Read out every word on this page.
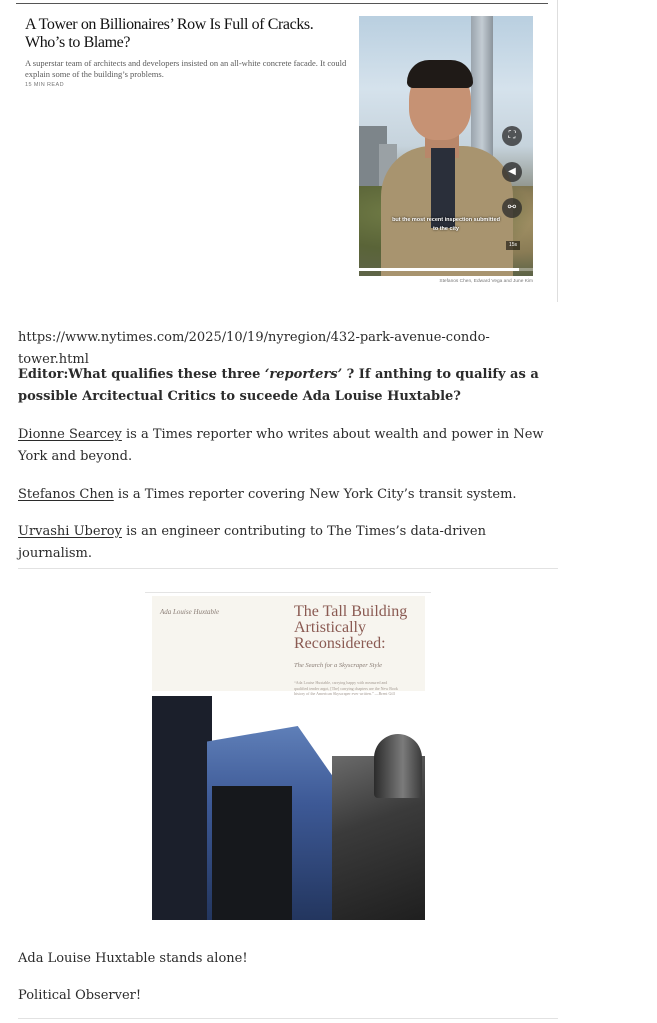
A Tower on Billionaires’ Row Is Full of Cracks. Who’s to Blame?
A superstar team of architects and developers insisted on an all-white concrete facade. It could explain some of the building’s problems.
15 MIN READ
⛶
◀
⚯
but the most recent inspection submitted to the city
15s
Stefanos Chen, Edward Vega and June Kim

https://www.nytimes.com/2025/10/19/nyregion/432-park-avenue-condo-tower.html

Editor:What qualifies these three ‘reporters’ ? If anthing to qualify as a possible Arcitectual Critics to suceede Ada Louise Huxtable?

Dionne Searcey is a Times reporter who writes about wealth and power in New York and beyond.

Stefanos Chen is a Times reporter covering New York City’s transit system.

Urvashi Uberoy is an engineer contributing to The Times’s data-driven journalism.

Ada Louise Huxtable	The Tall Building Artistically Reconsidered:
The Search for a Skyscraper Style
“Ada Louise Huxtable, carrying happy with measured and qualified tender argot, [The] carrying chapters are the New Book history of the American Skyscraper ever written.” —Brent Gill

Ada Louise Huxtable stands alone!

Political Observer!
